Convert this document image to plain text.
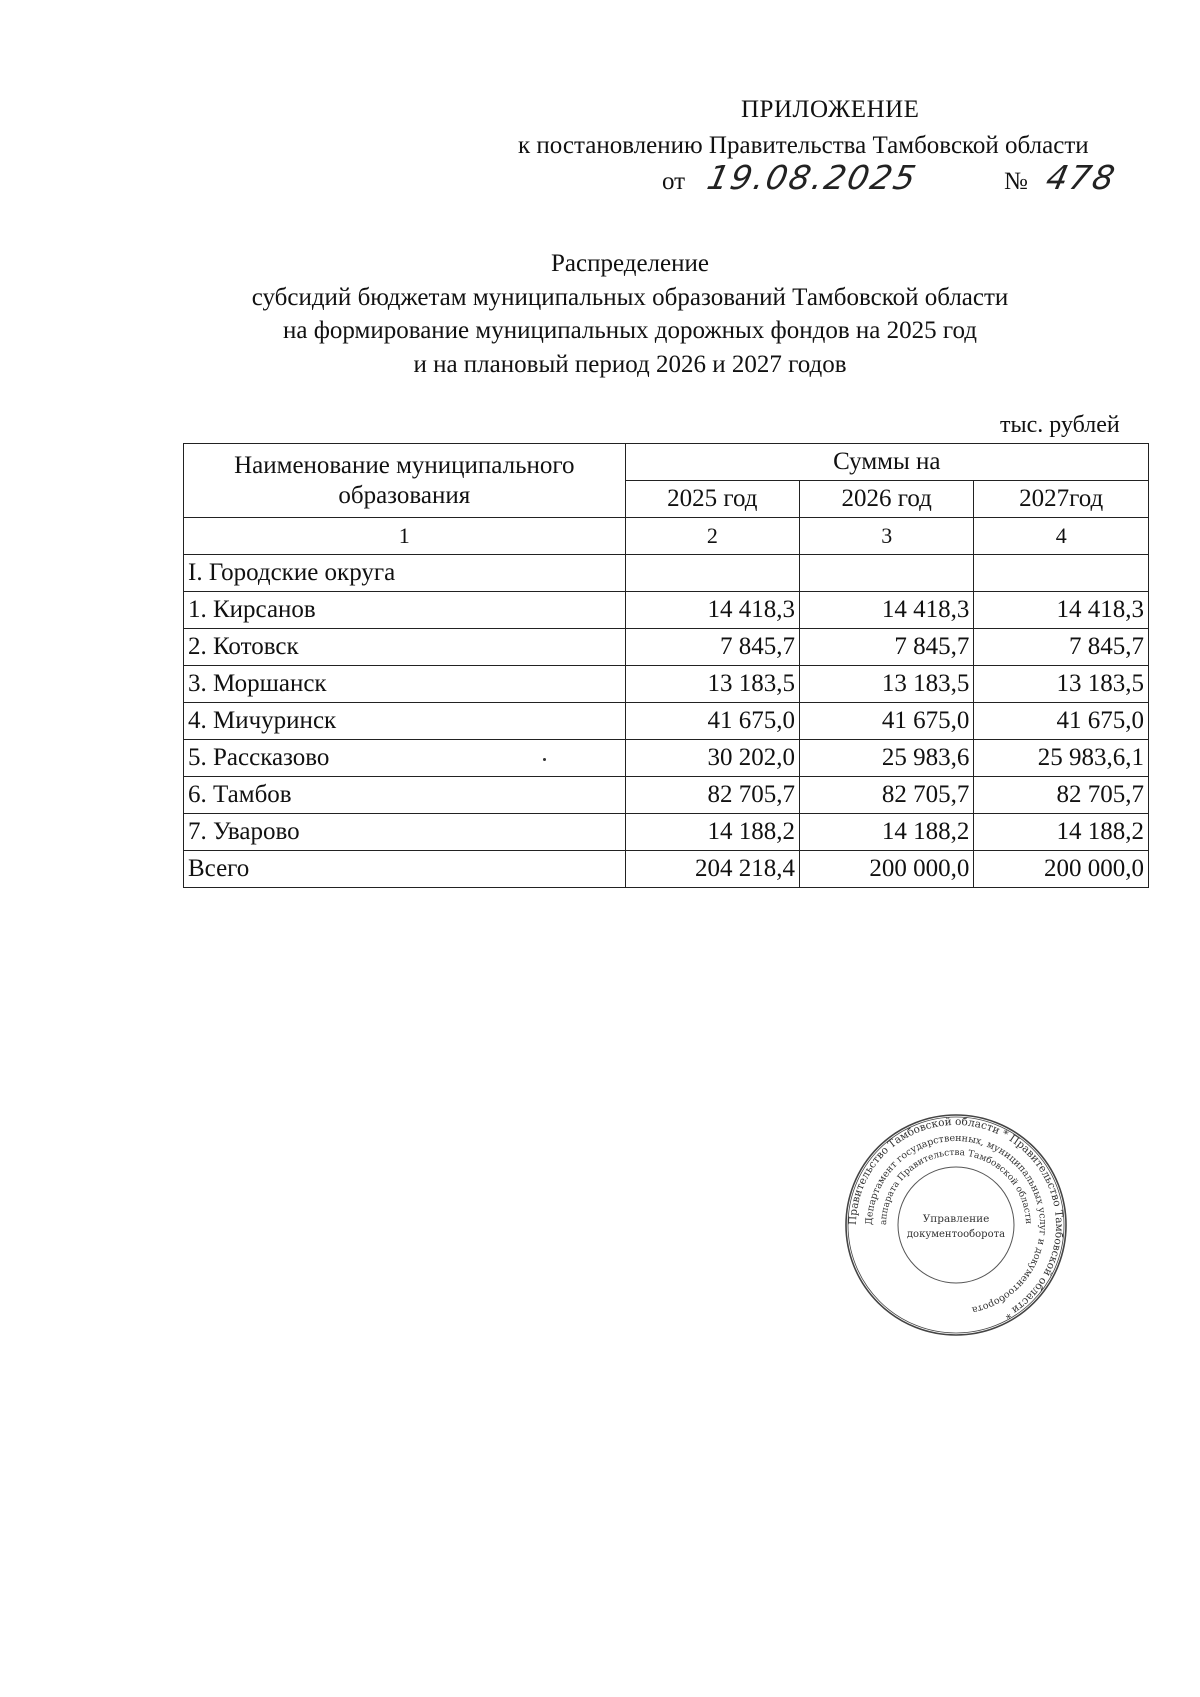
ПРИЛОЖЕНИЕ
к постановлению Правительства Тамбовской области
от 19.08.2025	№ 478
Распределение
субсидий бюджетам муниципальных образований Тамбовской области
на формирование муниципальных дорожных фондов на 2025 год
и на плановый период 2026 и 2027 годов
тыс. рублей
Наименование муниципального образования	Суммы на		
	2025 год	2026 год	2027год
1	2	3	4
I. Городские округа			
1. Кирсанов	14 418,3	14 418,3	14 418,3
2. Котовск	7 845,7	7 845,7	7 845,7
3. Моршанск	13 183,5	13 183,5	13 183,5
4. Мичуринск	41 675,0	41 675,0	41 675,0
5. Рассказово	30 202,0	25 983,6	25 983,6,1
6. Тамбов	82 705,7	82 705,7	82 705,7
7. Уварово	14 188,2	14 188,2	14 188,2
Всего	204 218,4	200 000,0	200 000,0
Правительство Тамбовской области * Правительство Тамбовской области *
Департамент государственных, муниципальных услуг и документооборота
аппарата Правительства Тамбовской области
Управление
документооборота
